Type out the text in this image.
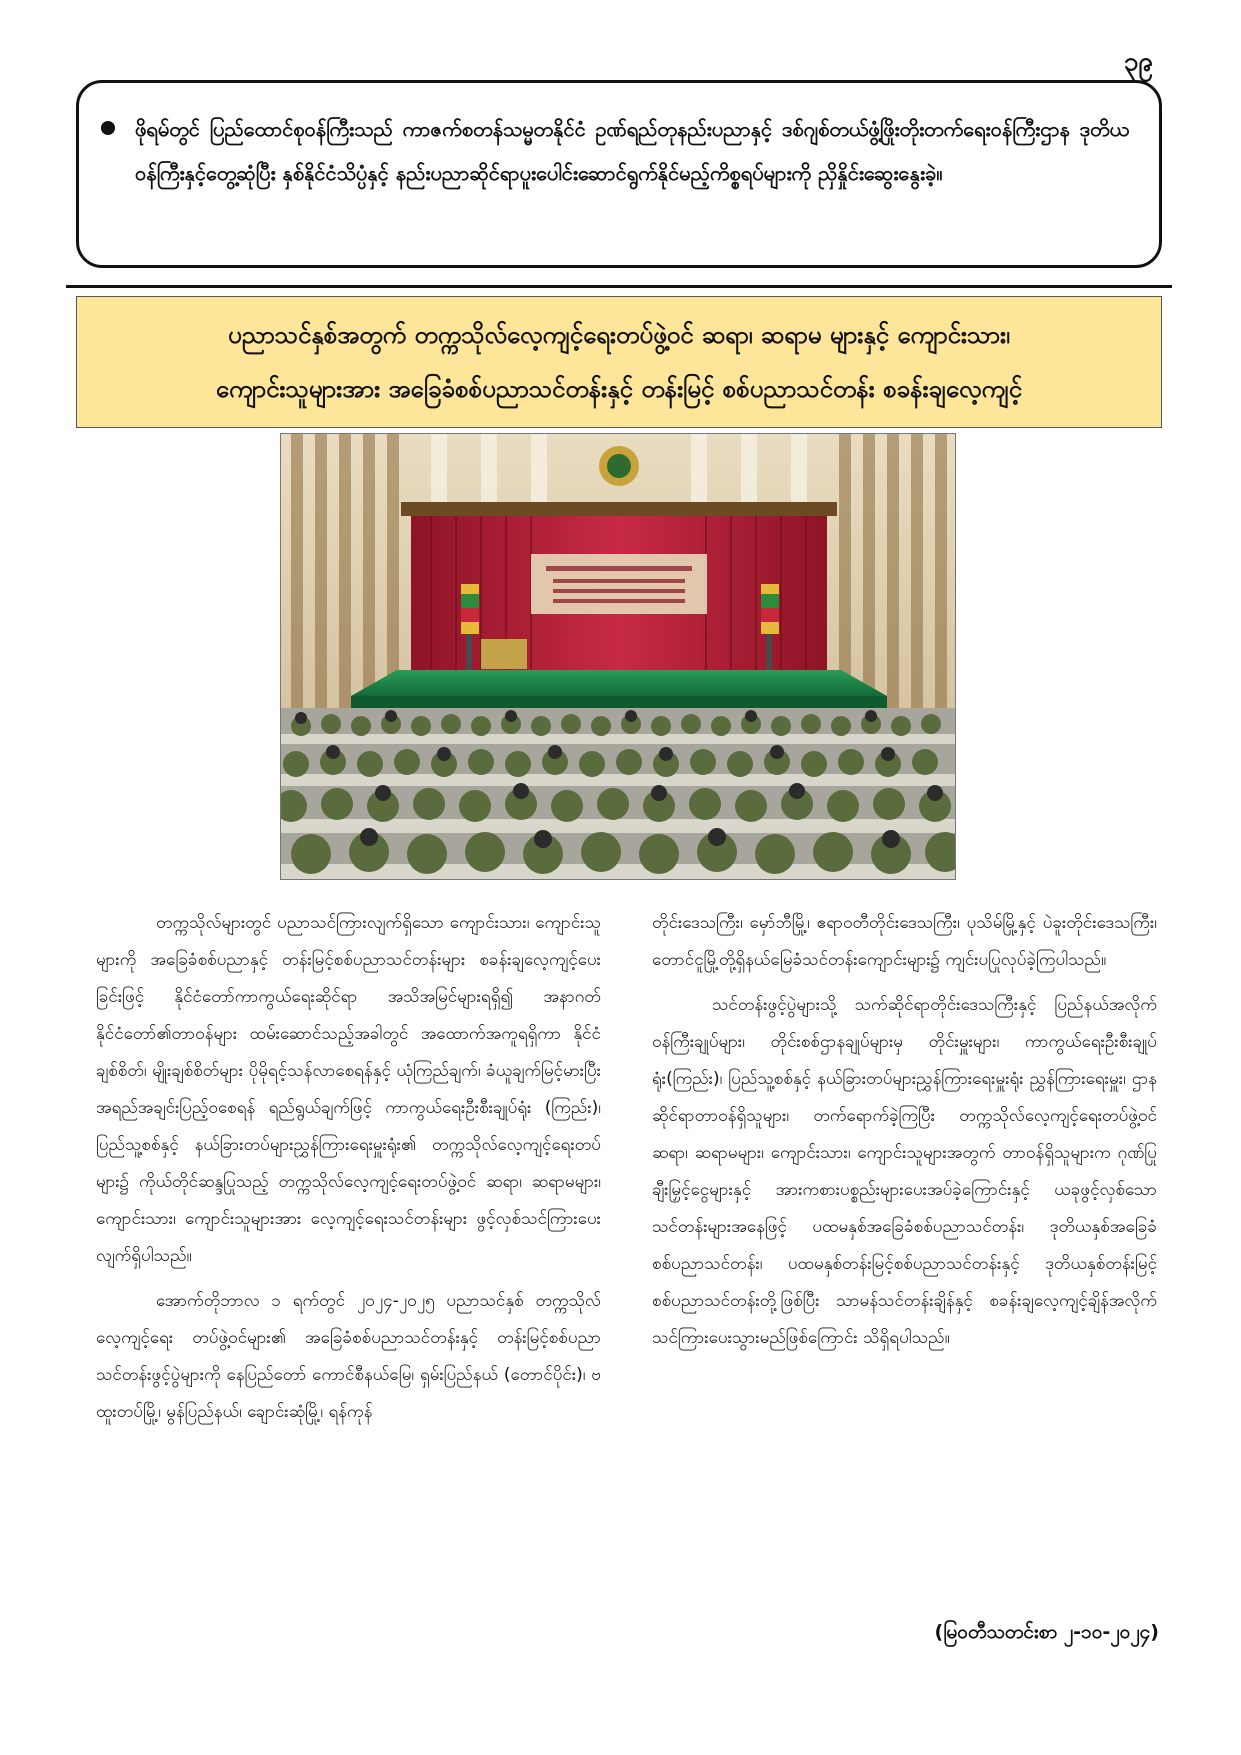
၃၉

ဖိုရမ်တွင် ပြည်ထောင်စုဝန်ကြီးသည် ကာဇက်စတန်သမ္မတနိုင်ငံ ဥဏ်ရည်တုနည်းပညာနှင့် ဒစ်ဂျစ်တယ်ဖွံ့ဖြိုးတိုးတက်ရေးဝန်ကြီးဌာန ဒုတိယဝန်ကြီးနှင့်တွေ့ဆုံပြီး နှစ်နိုင်ငံသိပ္ပံနှင့် နည်းပညာဆိုင်ရာပူးပေါင်းဆောင်ရွက်နိုင်မည့်ကိစ္စရပ်များကို ညှိနှိုင်းဆွေးနွေးခဲ့။

ပညာသင်နှစ်အတွက် တက္ကသိုလ်လေ့ကျင့်ရေးတပ်ဖွဲ့ဝင် ဆရာ၊ ဆရာမ များနှင့် ကျောင်းသား၊
ကျောင်းသူများအား အခြေခံစစ်ပညာသင်တန်းနှင့် တန်းမြင့် စစ်ပညာသင်တန်း စခန်းချလေ့ကျင့်

တက္ကသိုလ်များတွင် ပညာသင်ကြားလျက်ရှိသော ကျောင်းသား၊ ကျောင်းသူများကို အခြေခံစစ်ပညာနှင့် တန်းမြင့်စစ်ပညာသင်တန်းများ စခန်းချလေ့ကျင့်ပေးခြင်းဖြင့် နိုင်ငံတော်ကာကွယ်ရေးဆိုင်ရာ အသိအမြင်များရရှိ၍ အနာဂတ်နိုင်ငံတော်၏တာဝန်များ ထမ်းဆောင်သည့်အခါတွင် အထောက်အကူရရှိကာ နိုင်ငံချစ်စိတ်၊ မျိုးချစ်စိတ်များ ပိုမိုရင့်သန်လာစေရန်နှင့် ယုံကြည်ချက်၊ ခံယူချက်မြင့်မားပြီး အရည်အချင်းပြည့်ဝစေရန် ရည်ရွယ်ချက်ဖြင့် ကာကွယ်ရေးဦးစီးချုပ်ရုံး (ကြည်း)၊ ပြည်သူ့စစ်နှင့် နယ်ခြားတပ်များညွှန်ကြားရေးမှူးရုံး၏ တက္ကသိုလ်လေ့ကျင့်ရေးတပ်များ၌ ကိုယ်တိုင်ဆန္ဒပြုသည့် တက္ကသိုလ်လေ့ကျင့်ရေးတပ်ဖွဲ့ဝင် ဆရာ၊ ဆရာမများ၊ ကျောင်းသား၊ ကျောင်းသူများအား လေ့ကျင့်ရေးသင်တန်းများ ဖွင့်လှစ်သင်ကြားပေးလျက်ရှိပါသည်။

အောက်တိုဘာလ ၁ ရက်တွင် ၂၀၂၄-၂၀၂၅ ပညာသင်နှစ် တက္ကသိုလ်လေ့ကျင့်ရေး တပ်ဖွဲ့ဝင်များ၏ အခြေခံစစ်ပညာသင်တန်းနှင့် တန်းမြင့်စစ်ပညာသင်တန်းဖွင့်ပွဲများကို နေပြည်တော် ကောင်စီနယ်မြေ၊ ရှမ်းပြည်နယ် (တောင်ပိုင်း)၊ ဗထူးတပ်မြို့၊ မွန်ပြည်နယ်၊ ချောင်းဆုံမြို့၊ ရန်ကုန်

တိုင်းဒေသကြီး၊ မှော်ဘီမြို့၊ ဧရာဝတီတိုင်းဒေသကြီး၊ ပုသိမ်မြို့နှင့် ပဲခူးတိုင်းဒေသကြီး၊ တောင်ငူမြို့တို့ရှိနယ်မြေခံသင်တန်းကျောင်းများ၌ ကျင်းပပြုလုပ်ခဲ့ကြပါသည်။

သင်တန်းဖွင့်ပွဲများသို့ သက်ဆိုင်ရာတိုင်းဒေသကြီးနှင့် ပြည်နယ်အလိုက်ဝန်ကြီးချုပ်များ၊ တိုင်းစစ်ဌာနချုပ်များမှ တိုင်းမှူးများ၊ ကာကွယ်ရေးဦးစီးချုပ်ရုံး(ကြည်း)၊ ပြည်သူ့စစ်နှင့် နယ်ခြားတပ်များညွှန်ကြားရေးမှူးရုံး ညွှန်ကြားရေးမှူး၊ ဌာနဆိုင်ရာတာဝန်ရှိသူများ၊ တက်ရောက်ခဲ့ကြပြီး တက္ကသိုလ်လေ့ကျင့်ရေးတပ်ဖွဲ့ဝင် ဆရာ၊ ဆရာမများ၊ ကျောင်းသား၊ ကျောင်းသူများအတွက် တာဝန်ရှိသူများက ဂုဏ်ပြုချီးမြှင့်ငွေများနှင့် အားကစားပစ္စည်းများပေးအပ်ခဲ့ကြောင်းနှင့် ယခုဖွင့်လှစ်သော သင်တန်းများအနေဖြင့် ပထမနှစ်အခြေခံစစ်ပညာသင်တန်း၊ ဒုတိယနှစ်အခြေခံစစ်ပညာသင်တန်း၊ ပထမနှစ်တန်းမြင့်စစ်ပညာသင်တန်းနှင့် ဒုတိယနှစ်တန်းမြင့်စစ်ပညာသင်တန်းတို့ဖြစ်ပြီး သာမန်သင်တန်းချိန်နှင့် စခန်းချလေ့ကျင့်ချိန်အလိုက်သင်ကြားပေးသွားမည်ဖြစ်ကြောင်း သိရှိရပါသည်။

(မြဝတီသတင်းစာ ၂-၁၀-၂၀၂၄)
